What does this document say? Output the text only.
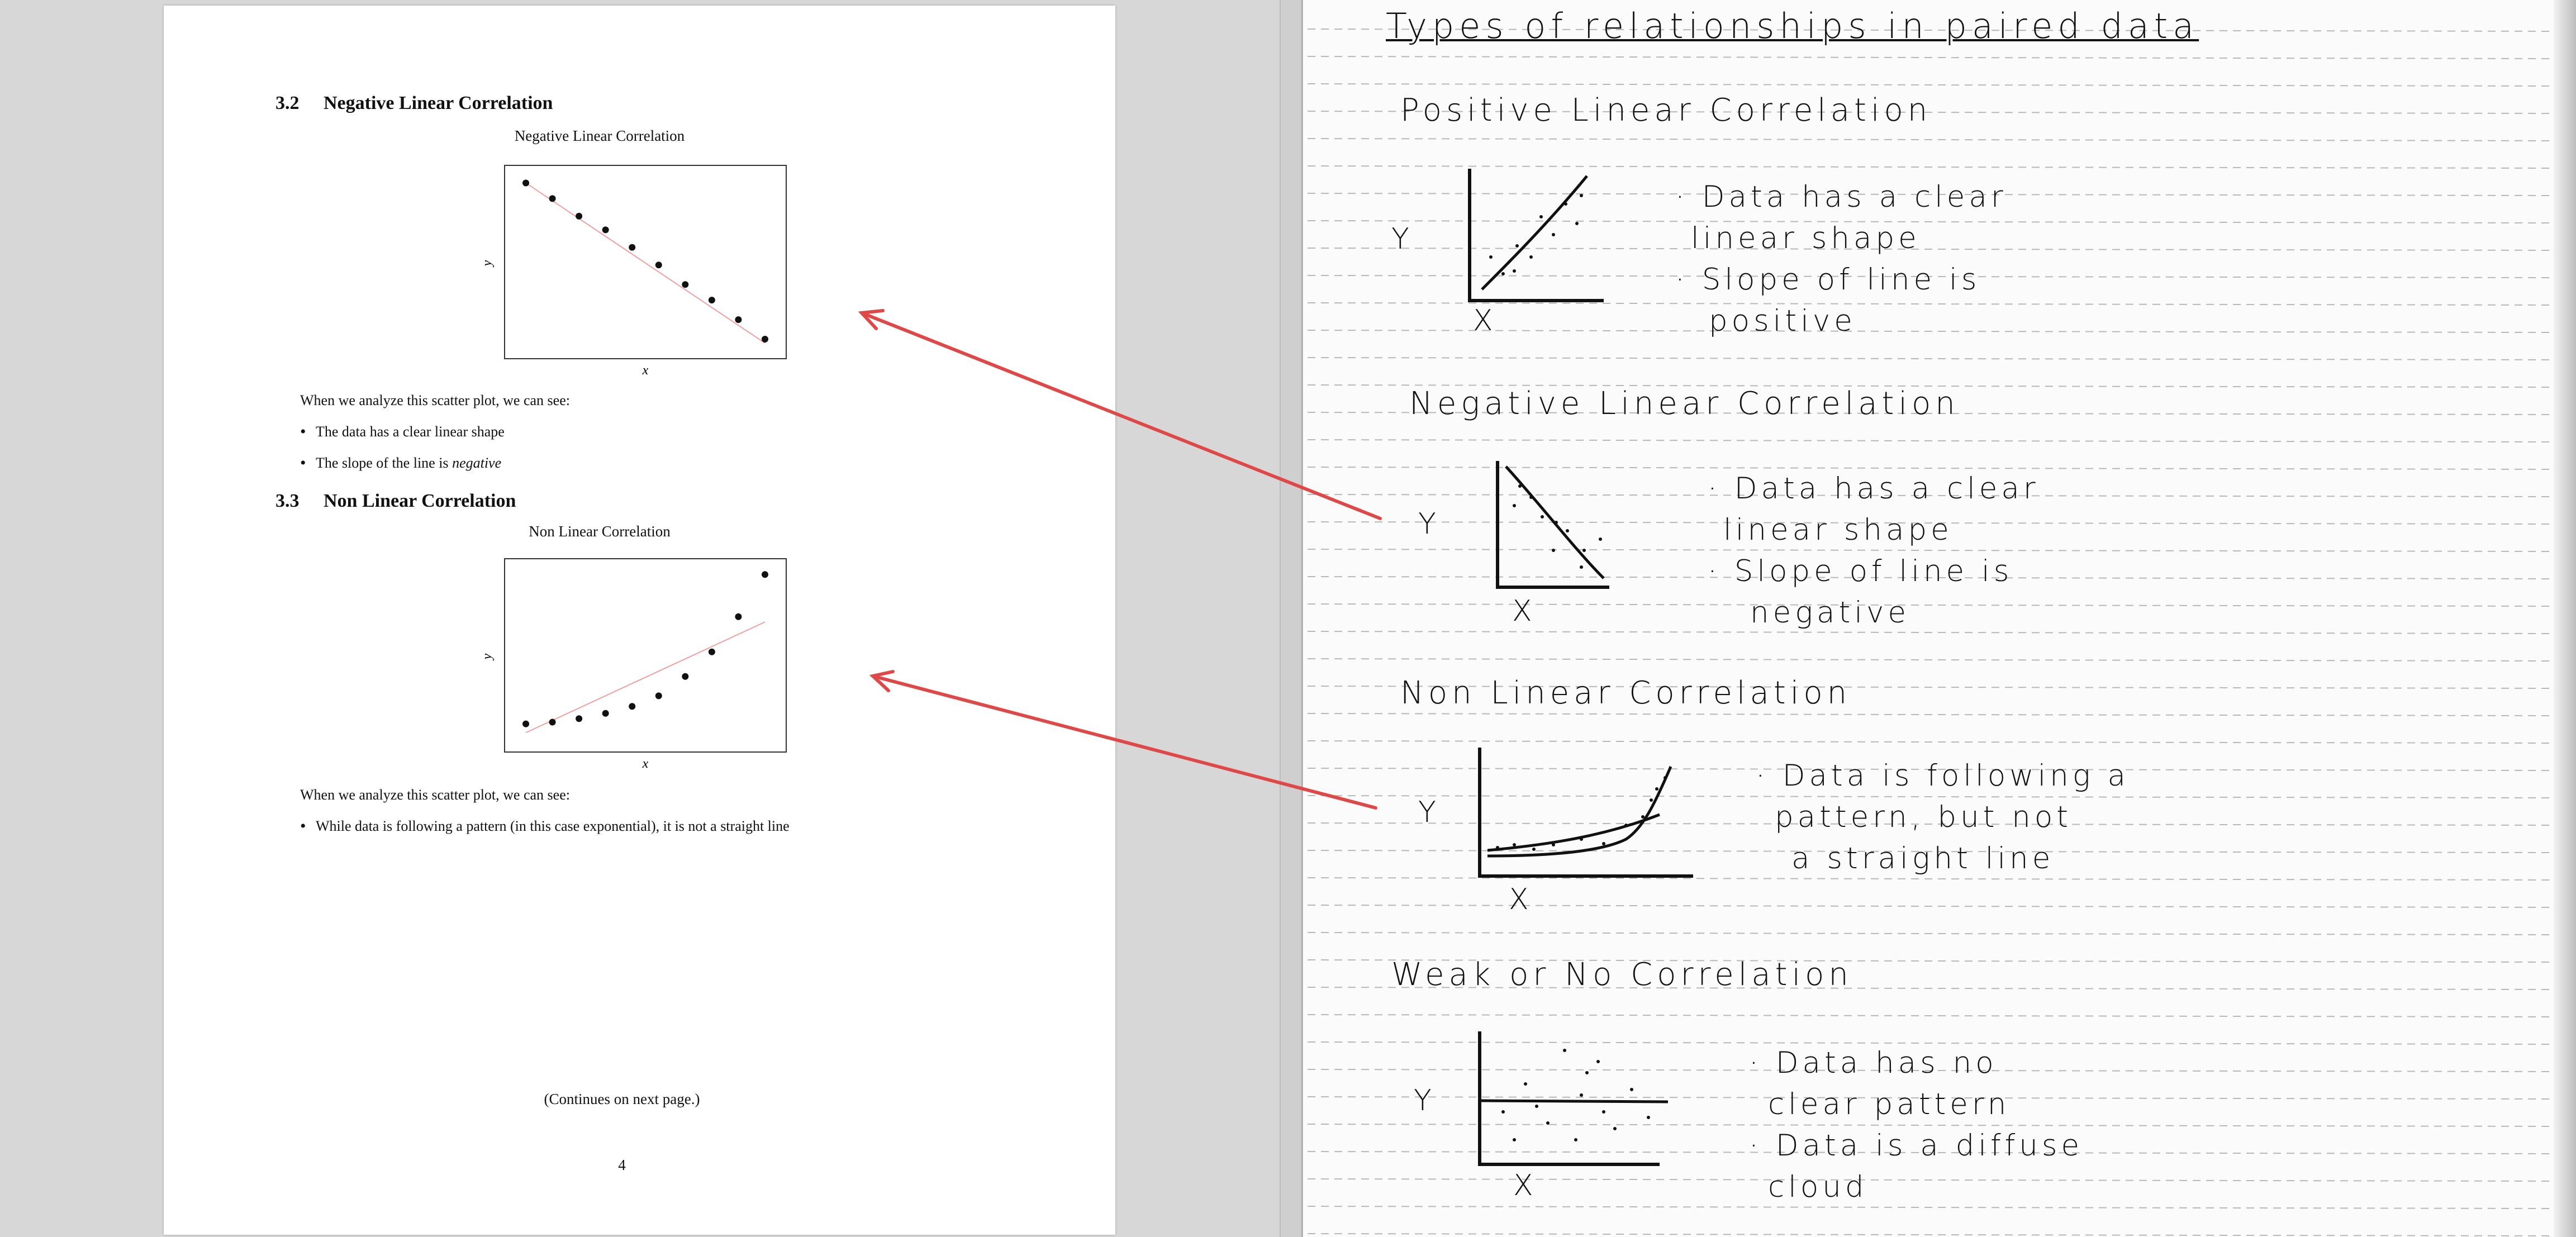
3.2 Negative Linear Correlation
Negative Linear Correlation
x
y
When we analyze this scatter plot, we can see:
• The data has a clear linear shape
• The slope of the line is negative
3.3 Non Linear Correlation
Non Linear Correlation
x
y
When we analyze this scatter plot, we can see:
• While data is following a pattern (in this case exponential), it is not a straight line
(Continues on next page.)
4
Types of relationships in paired data
Positive Linear Correlation
Y
X
· Data has a clear
linear shape
· Slope of line is
positive
Negative Linear Correlation
Y
X
· Data has a clear
linear shape
· Slope of line is
negative
Non Linear Correlation
Y
X
· Data is following a
pattern, but not
a straight line
Weak or No Correlation
Y
X
· Data has no
clear pattern
· Data is a diffuse
cloud
